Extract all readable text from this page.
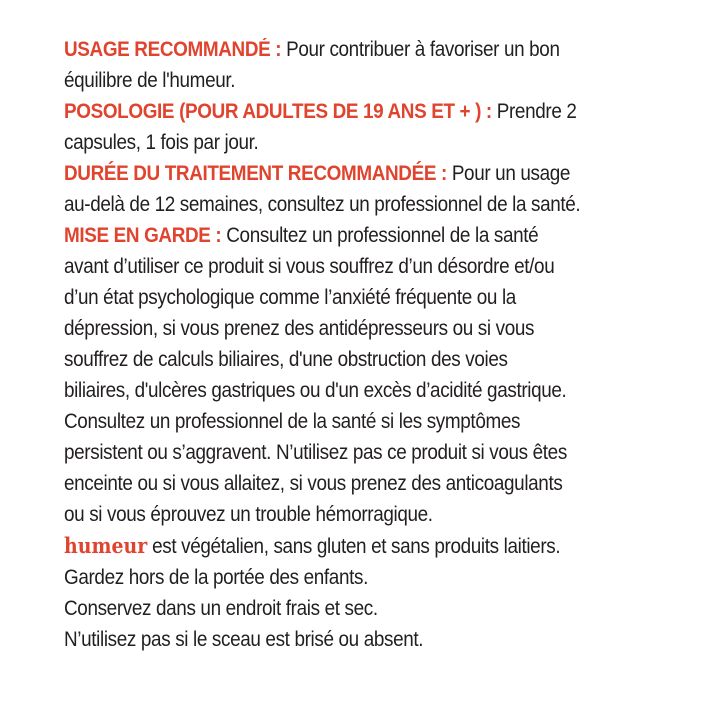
USAGE RECOMMANDÉ : Pour contribuer à favoriser un bon
équilibre de l'humeur.
POSOLOGIE (POUR ADULTES DE 19 ANS ET + ) : Prendre 2
capsules, 1 fois par jour.
DURÉE DU TRAITEMENT RECOMMANDÉE : Pour un usage
au-delà de 12 semaines, consultez un professionnel de la santé.
MISE EN GARDE : Consultez un professionnel de la santé
avant d’utiliser ce produit si vous souffrez d’un désordre et/ou
d’un état psychologique comme l’anxiété fréquente ou la
dépression, si vous prenez des antidépresseurs ou si vous
souffrez de calculs biliaires, d'une obstruction des voies
biliaires, d'ulcères gastriques ou d'un excès d’acidité gastrique.
Consultez un professionnel de la santé si les symptômes
persistent ou s’aggravent. N’utilisez pas ce produit si vous êtes
enceinte ou si vous allaitez, si vous prenez des anticoagulants
ou si vous éprouvez un trouble hémorragique.
humeur est végétalien, sans gluten et sans produits laitiers.
Gardez hors de la portée des enfants.
Conservez dans un endroit frais et sec.
N’utilisez pas si le sceau est brisé ou absent.
